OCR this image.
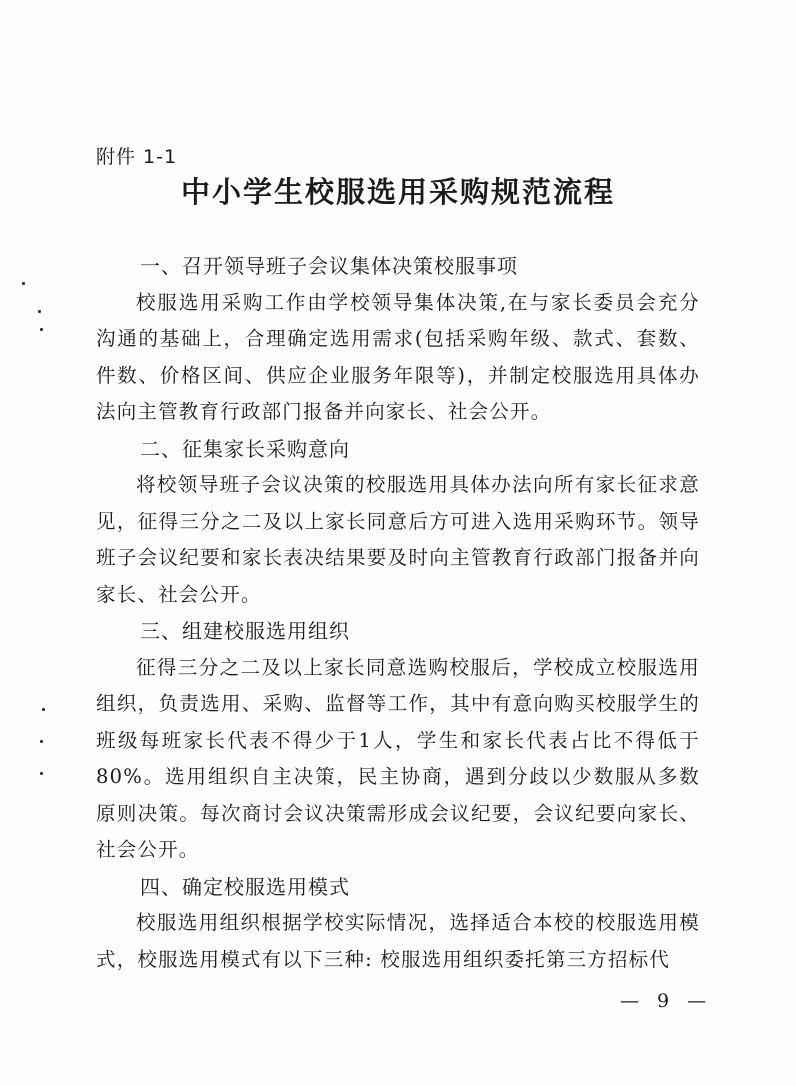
附件 1-1
中小学生校服选用采购规范流程
一、召开领导班子会议集体决策校服事项
校服选用采购工作由学校领导集体决策,在与家长委员会充分沟通的基础上，合理确定选用需求(包括采购年级、款式、套数、件数、价格区间、供应企业服务年限等)，并制定校服选用具体办法向主管教育行政部门报备并向家长、社会公开。
二、征集家长采购意向
将校领导班子会议决策的校服选用具体办法向所有家长征求意见，征得三分之二及以上家长同意后方可进入选用采购环节。领导班子会议纪要和家长表决结果要及时向主管教育行政部门报备并向家长、社会公开。
三、组建校服选用组织
征得三分之二及以上家长同意选购校服后，学校成立校服选用组织，负责选用、采购、监督等工作，其中有意向购买校服学生的班级每班家长代表不得少于1人，学生和家长代表占比不得低于80%。选用组织自主决策，民主协商，遇到分歧以少数服从多数原则决策。每次商讨会议决策需形成会议纪要，会议纪要向家长、社会公开。
四、确定校服选用模式
校服选用组织根据学校实际情况，选择适合本校的校服选用模式，校服选用模式有以下三种: 校服选用组织委托第三方招标代
— 9 —
